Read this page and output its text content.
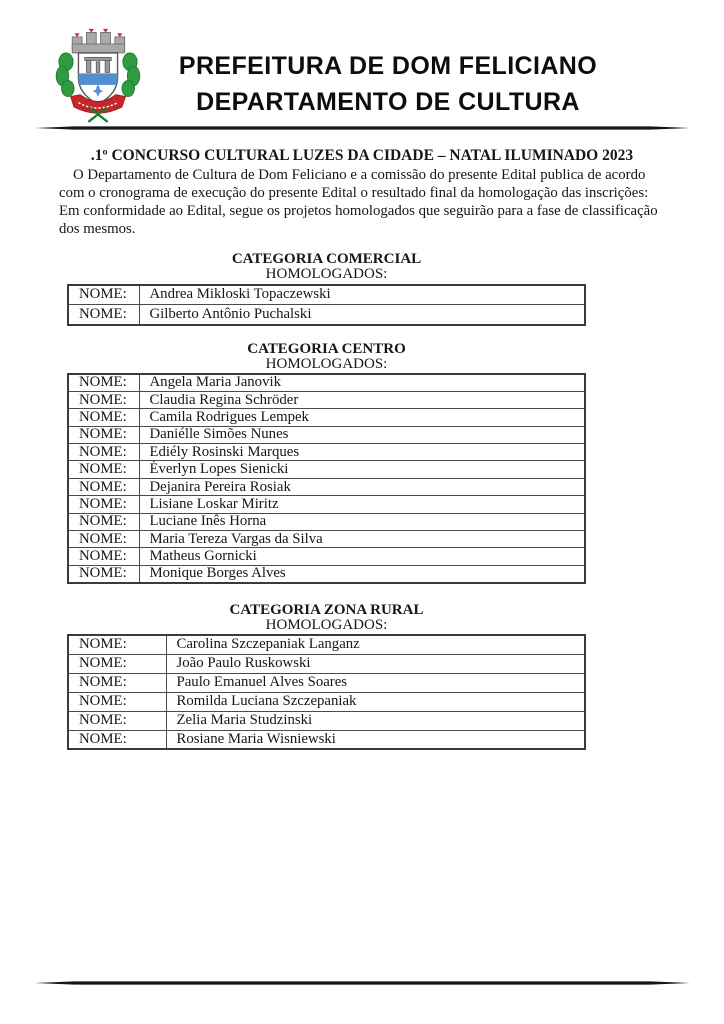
PREFEITURA DE DOM FELICIANO
DEPARTAMENTO DE CULTURA
.1º CONCURSO CULTURAL LUZES DA CIDADE – NATAL ILUMINADO 2023

O Departamento de Cultura de Dom Feliciano e a comissão do presente Edital publica de acordo com o cronograma de execução do presente Edital o resultado final da homologação das inscrições: Em conformidade ao Edital, segue os projetos homologados que seguirão para a fase de classificação dos mesmos.

CATEGORIA COMERCIAL
HOMOLOGADOS:
NOME:	Andrea Mikloski Topaczewski
NOME:	Gilberto Antônio Puchalski
CATEGORIA CENTRO
HOMOLOGADOS:
NOME:	Angela Maria Janovik
NOME:	Claudia Regina Schröder
NOME:	Camila Rodrigues Lempek
NOME:	Daniélle Simões Nunes
NOME:	Ediély Rosinski Marques
NOME:	Éverlyn Lopes Sienicki
NOME:	Dejanira Pereira Rosiak
NOME:	Lisiane Loskar Miritz
NOME:	Luciane Inês Horna
NOME:	Maria Tereza Vargas da Silva
NOME:	Matheus Gornicki
NOME:	Monique Borges Alves
CATEGORIA ZONA RURAL
HOMOLOGADOS:
NOME:	Carolina Szczepaniak Langanz
NOME:	João Paulo Ruskowski
NOME:	Paulo Emanuel Alves Soares
NOME:	Romilda Luciana Szczepaniak
NOME:	Zelia Maria Studzinski
NOME:	Rosiane Maria Wisniewski
